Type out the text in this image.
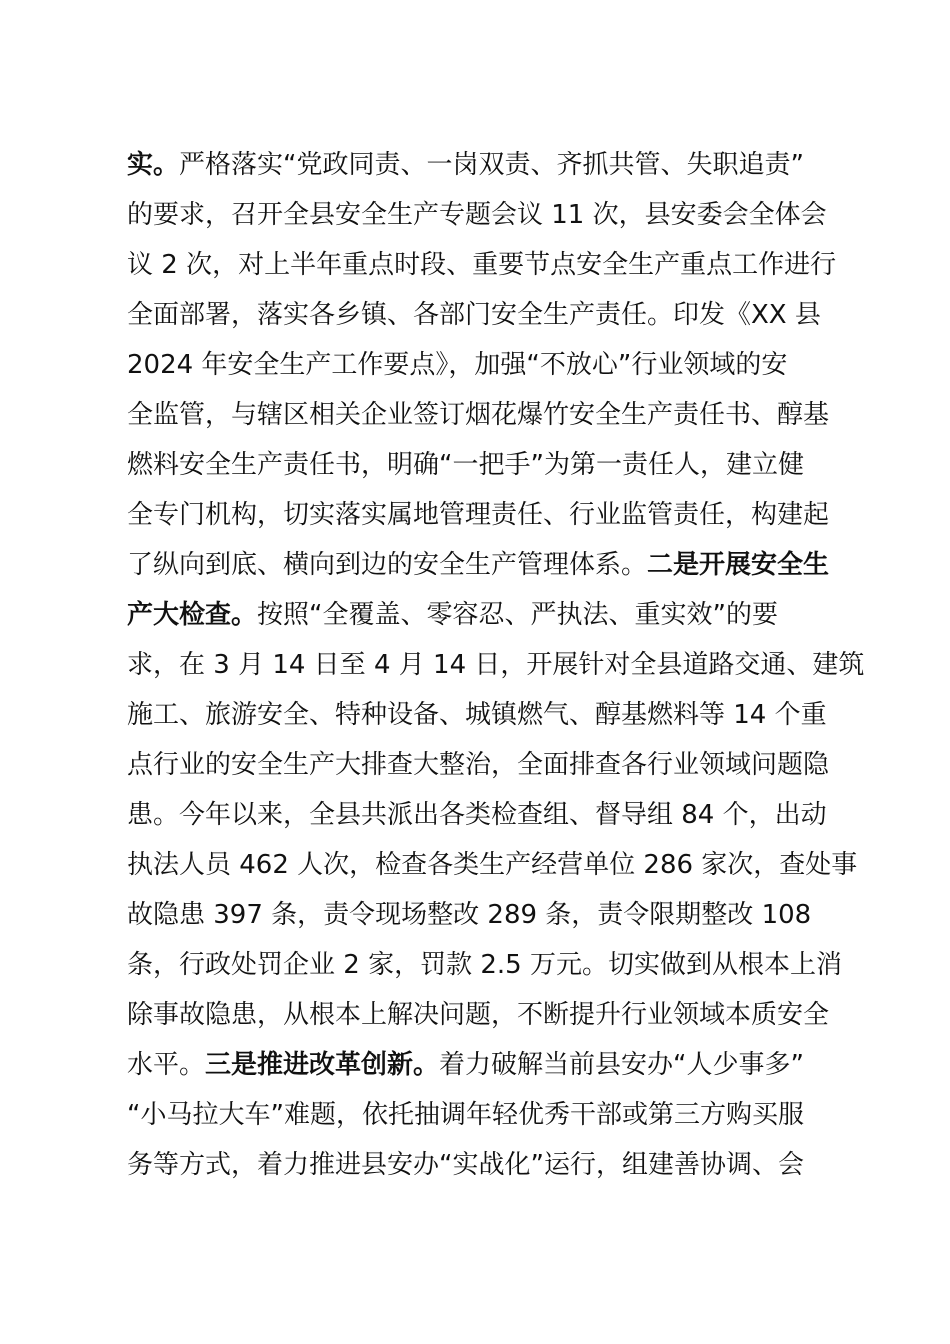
实。严格落实“党政同责、一岗双责、齐抓共管、失职追责”
的要求，召开全县安全生产专题会议 11 次，县安委会全体会
议 2 次，对上半年重点时段、重要节点安全生产重点工作进行
全面部署，落实各乡镇、各部门安全生产责任。印发《XX 县
2024 年安全生产工作要点》，加强“不放心”行业领域的安
全监管，与辖区相关企业签订烟花爆竹安全生产责任书、醇基
燃料安全生产责任书，明确“一把手”为第一责任人，建立健
全专门机构，切实落实属地管理责任、行业监管责任，构建起
了纵向到底、横向到边的安全生产管理体系。二是开展安全生
产大检查。按照“全覆盖、零容忍、严执法、重实效”的要
求，在 3 月 14 日至 4 月 14 日，开展针对全县道路交通、建筑
施工、旅游安全、特种设备、城镇燃气、醇基燃料等 14 个重
点行业的安全生产大排查大整治，全面排查各行业领域问题隐
患。今年以来，全县共派出各类检查组、督导组 84 个，出动
执法人员 462 人次，检查各类生产经营单位 286 家次，查处事
故隐患 397 条，责令现场整改 289 条，责令限期整改 108
条，行政处罚企业 2 家，罚款 2.5 万元。切实做到从根本上消
除事故隐患，从根本上解决问题，不断提升行业领域本质安全
水平。三是推进改革创新。着力破解当前县安办“人少事多”
“小马拉大车”难题，依托抽调年轻优秀干部或第三方购买服
务等方式，着力推进县安办“实战化”运行，组建善协调、会
